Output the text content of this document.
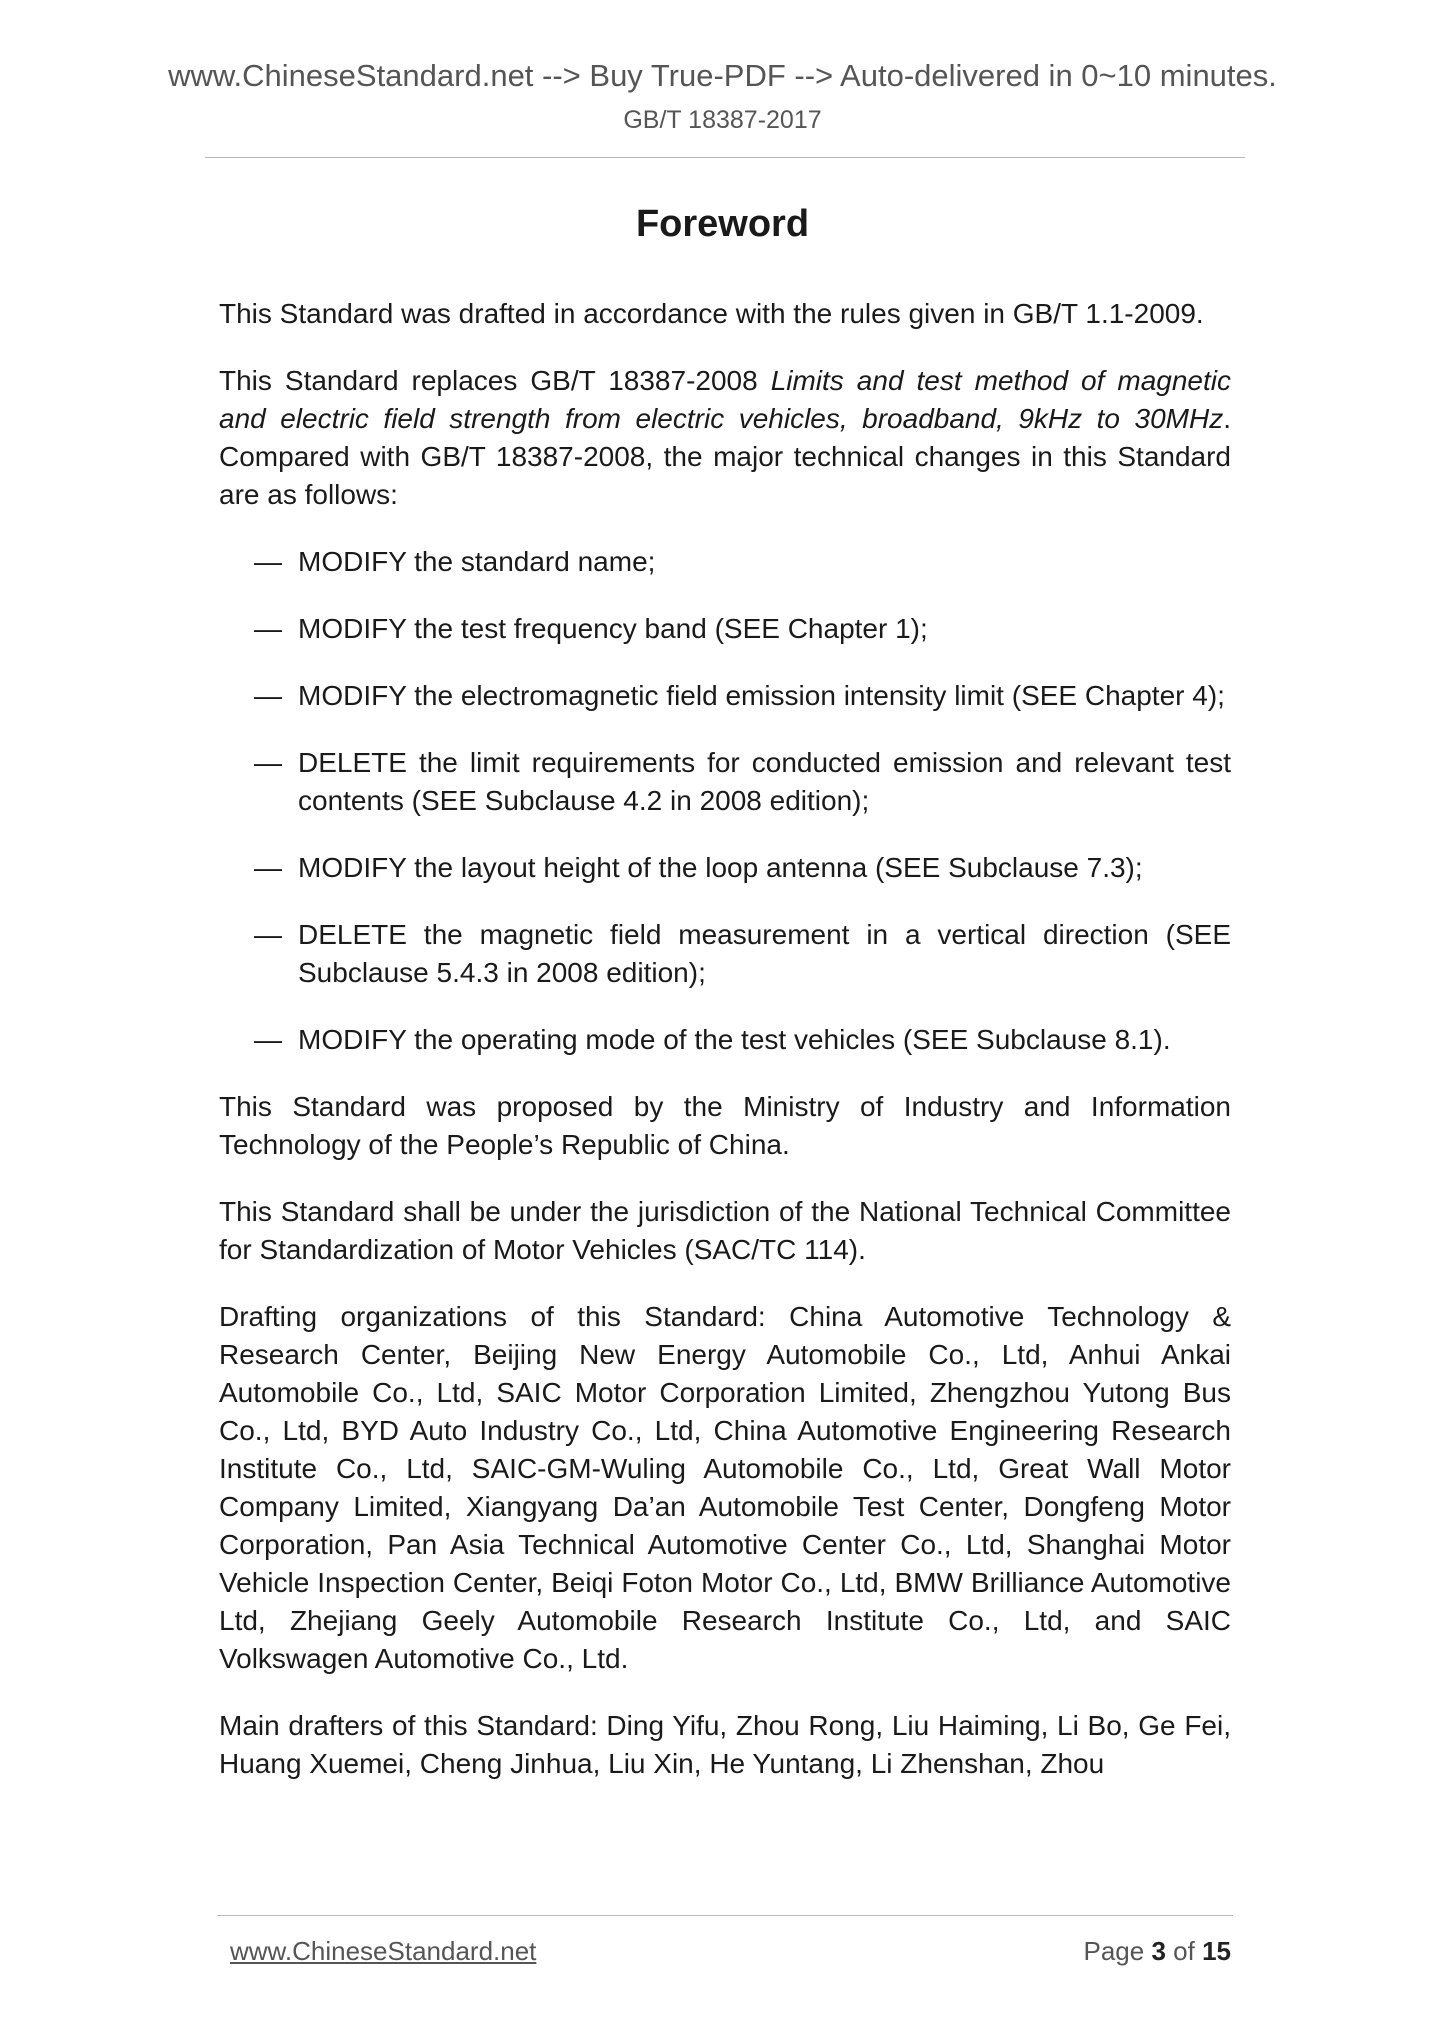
www.ChineseStandard.net --> Buy True-PDF --> Auto-delivered in 0~10 minutes.
GB/T 18387-2017
Foreword

This Standard was drafted in accordance with the rules given in GB/T 1.1-2009.

This Standard replaces GB/T 18387-2008 Limits and test method of magnetic and electric field strength from electric vehicles, broadband, 9kHz to 30MHz. Compared with GB/T 18387-2008, the major technical changes in this Standard are as follows:

— MODIFY the standard name;
— MODIFY the test frequency band (SEE Chapter 1);
— MODIFY the electromagnetic field emission intensity limit (SEE Chapter 4);
— DELETE the limit requirements for conducted emission and relevant test contents (SEE Subclause 4.2 in 2008 edition);
— MODIFY the layout height of the loop antenna (SEE Subclause 7.3);
— DELETE the magnetic field measurement in a vertical direction (SEE Subclause 5.4.3 in 2008 edition);
— MODIFY the operating mode of the test vehicles (SEE Subclause 8.1).

This Standard was proposed by the Ministry of Industry and Information Technology of the People’s Republic of China.

This Standard shall be under the jurisdiction of the National Technical Committee for Standardization of Motor Vehicles (SAC/TC 114).

Drafting organizations of this Standard: China Automotive Technology & Research Center, Beijing New Energy Automobile Co., Ltd, Anhui Ankai Automobile Co., Ltd, SAIC Motor Corporation Limited, Zhengzhou Yutong Bus Co., Ltd, BYD Auto Industry Co., Ltd, China Automotive Engineering Research Institute Co., Ltd, SAIC-GM-Wuling Automobile Co., Ltd, Great Wall Motor Company Limited, Xiangyang Da’an Automobile Test Center, Dongfeng Motor Corporation, Pan Asia Technical Automotive Center Co., Ltd, Shanghai Motor Vehicle Inspection Center, Beiqi Foton Motor Co., Ltd, BMW Brilliance Automotive Ltd, Zhejiang Geely Automobile Research Institute Co., Ltd, and SAIC Volkswagen Automotive Co., Ltd.

Main drafters of this Standard: Ding Yifu, Zhou Rong, Liu Haiming, Li Bo, Ge Fei, Huang Xuemei, Cheng Jinhua, Liu Xin, He Yuntang, Li Zhenshan, Zhou

www.ChineseStandard.net	Page 3 of 15
